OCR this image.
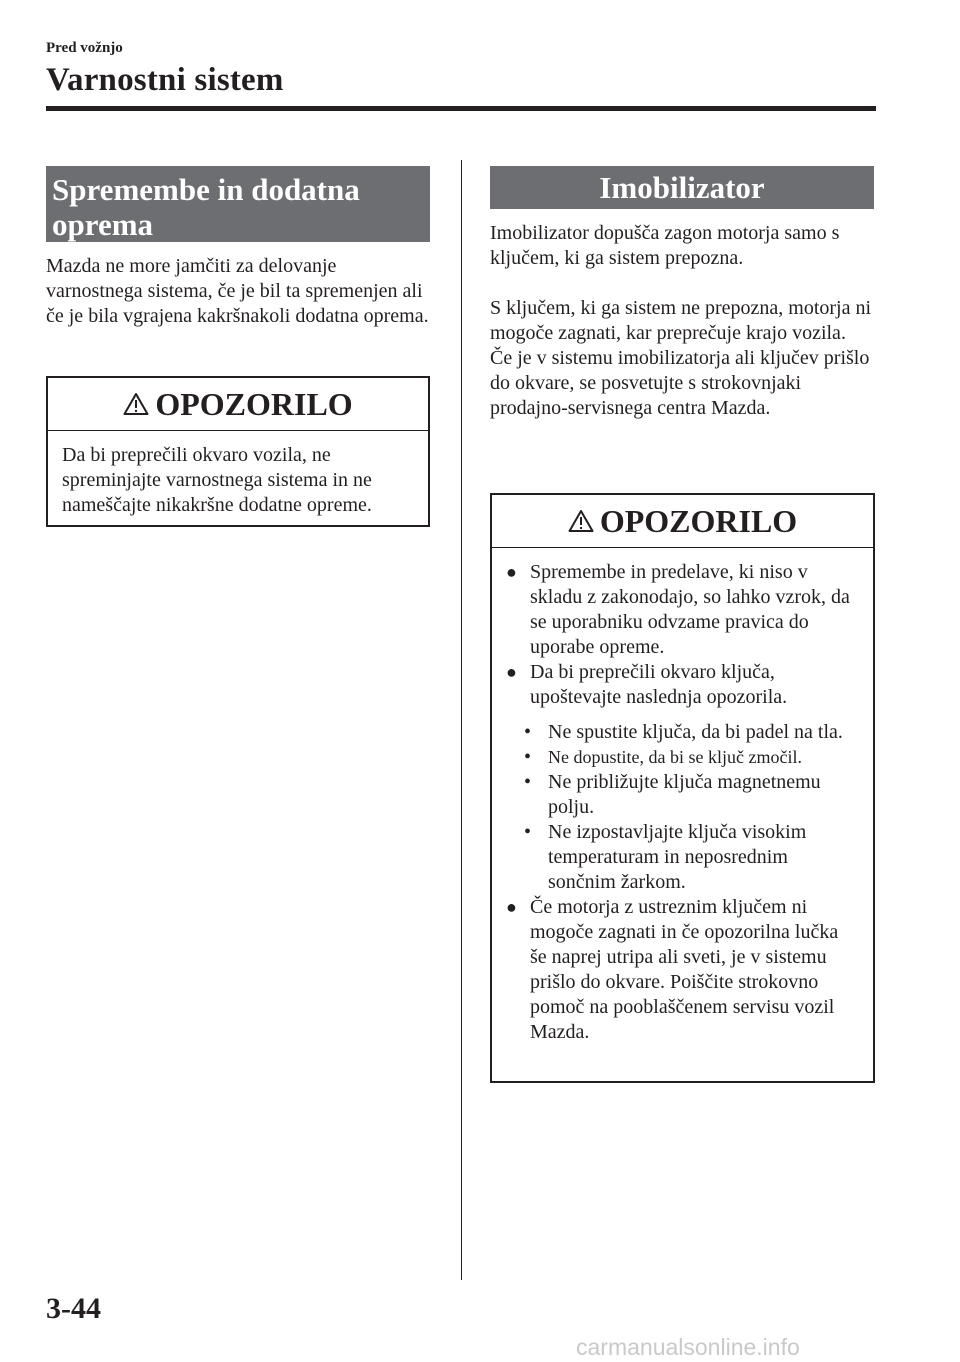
Pred vožnjo
Varnostni sistem
Spremembe in dodatna
oprema
Mazda ne more jamčiti za delovanje varnostnega sistema, če je bil ta spremenjen ali če je bila vgrajena kakršnakoli dodatna oprema.
OPOZORILO
Da bi preprečili okvaro vozila, ne spreminjajte varnostnega sistema in ne nameščajte nikakršne dodatne opreme.
Imobilizator
Imobilizator dopušča zagon motorja samo s ključem, ki ga sistem prepozna.
S ključem, ki ga sistem ne prepozna, motorja ni mogoče zagnati, kar preprečuje krajo vozila.
Če je v sistemu imobilizatorja ali ključev prišlo do okvare, se posvetujte s strokovnjaki prodajno-servisnega centra Mazda.
OPOZORILO
● Spremembe in predelave, ki niso v skladu z zakonodajo, so lahko vzrok, da se uporabniku odvzame pravica do uporabe opreme.
● Da bi preprečili okvaro ključa, upoštevajte naslednja opozorila.
• Ne spustite ključa, da bi padel na tla.
• Ne dopustite, da bi se ključ zmočil.
• Ne približujte ključa magnetnemu polju.
• Ne izpostavljajte ključa visokim temperaturam in neposrednim sončnim žarkom.
● Če motorja z ustreznim ključem ni mogoče zagnati in če opozorilna lučka še naprej utripa ali sveti, je v sistemu prišlo do okvare. Poiščite strokovno pomoč na pooblaščenem servisu vozil Mazda.
3-44
carmanualsonline.info
